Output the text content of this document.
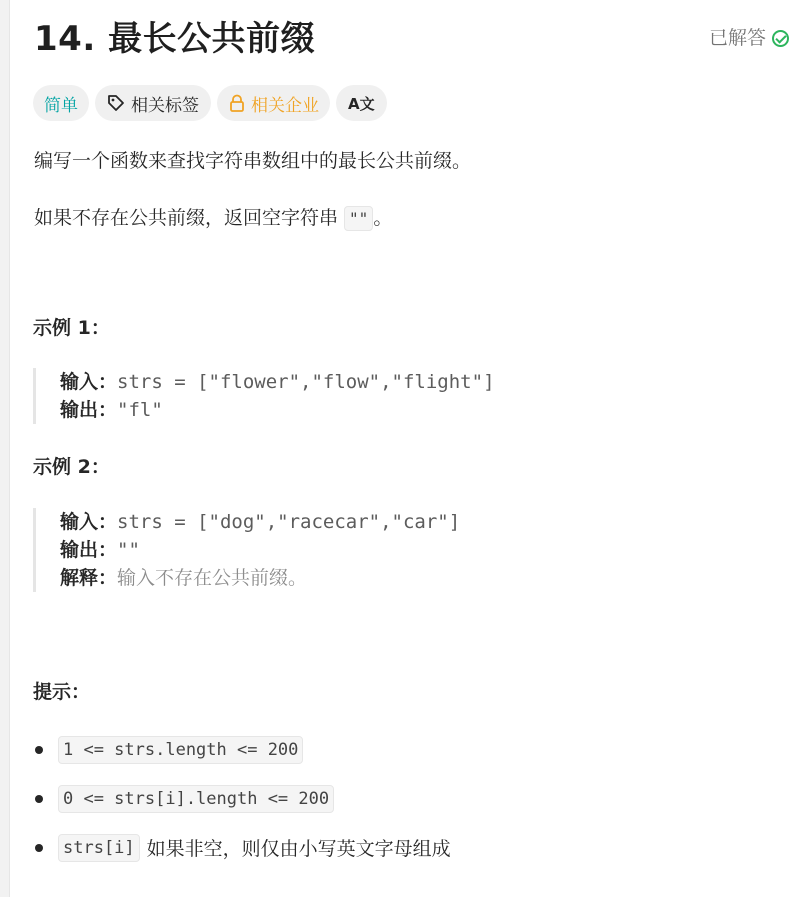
14. 最长公共前缀	已解答
简单	相关标签	相关企业 A文
编写一个函数来查找字符串数组中的最长公共前缀。
如果不存在公共前缀，返回空字符串 "" 。
示例 1：
输入：strs = ["flower","flow","flight"]
输出："fl"
示例 2：
输入：strs = ["dog","racecar","car"]
输出：""
解释：输入不存在公共前缀。
提示：
1 <= strs.length <= 200
0 <= strs[i].length <= 200
strs[i] 如果非空，则仅由小写英文字母组成
